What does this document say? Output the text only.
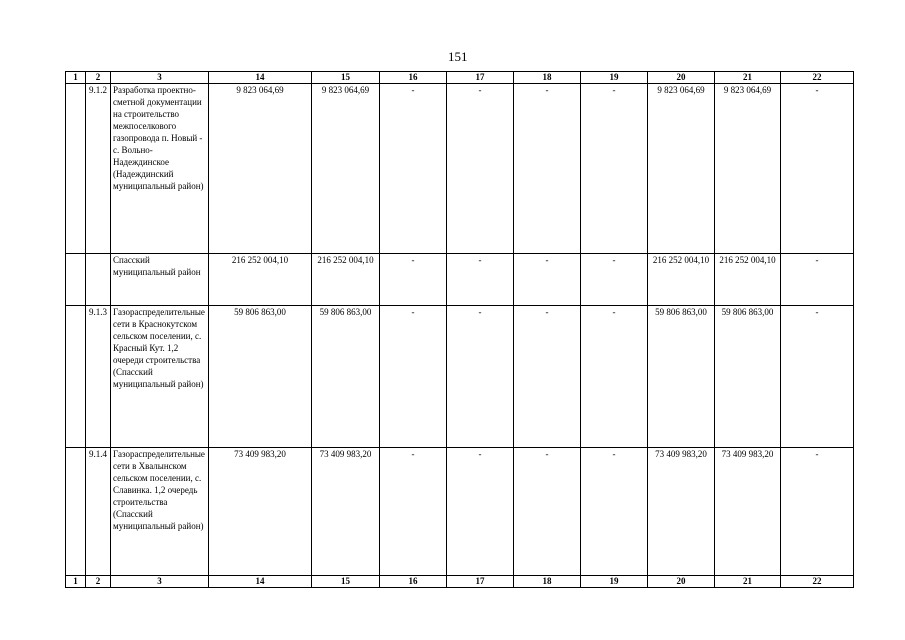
151
1	2	3	14	15	16	17	18	19	20	21	22
	9.1.2	Разработка проектно-сметной документации на строительство межпоселкового газопровода п. Новый - с. Вольно-Надеждинское (Надеждинский муниципальный район)	9 823 064,69	9 823 064,69	-	-	-	-	9 823 064,69	9 823 064,69	-
		Спасский муниципальный район	216 252 004,10	216 252 004,10	-	-	-	-	216 252 004,10	216 252 004,10	-
	9.1.3	Газораспределительные сети в Краснокутском сельском поселении, с. Красный Кут. 1,2 очереди строительства (Спасский муниципальный район)	59 806 863,00	59 806 863,00	-	-	-	-	59 806 863,00	59 806 863,00	-
	9.1.4	Газораспределительные сети в Хвалынском сельском поселении, с. Славинка. 1,2 очередь строительства (Спасский муниципальный район)	73 409 983,20	73 409 983,20	-	-	-	-	73 409 983,20	73 409 983,20	-
1	2	3	14	15	16	17	18	19	20	21	22
